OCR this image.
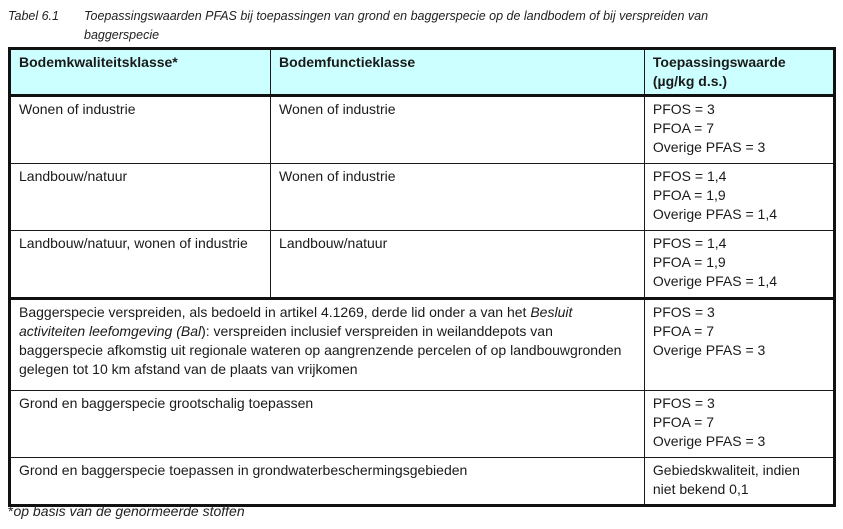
Tabel 6.1 Toepassingswaarden PFAS bij toepassingen van grond en baggerspecie op de landbodem of bij verspreiden van baggerspecie
Bodemkwaliteitsklasse*	Bodemfunctieklasse	Toepassingswaarde
(µg/kg d.s.)

Wonen of industrie	Wonen of industrie	PFOS = 3
PFOA = 7
Overige PFAS = 3

Landbouw/natuur	Wonen of industrie	PFOS = 1,4
PFOA = 1,9
Overige PFAS = 1,4

Landbouw/natuur, wonen of industrie	Landbouw/natuur	PFOS = 1,4
PFOA = 1,9
Overige PFAS = 1,4

Baggerspecie verspreiden, als bedoeld in artikel 4.1269, derde lid onder a van het Besluit activiteiten leefomgeving (Bal): verspreiden inclusief verspreiden in weilanddepots van baggerspecie afkomstig uit regionale wateren op aangrenzende percelen of op landbouwgronden gelegen tot 10 km afstand van de plaats van vrijkomen	
PFOS = 3
PFOA = 7
Overige PFAS = 3

Grond en baggerspecie grootschalig toepassen		PFOS = 3
PFOA = 7
Overige PFAS = 3

Grond en baggerspecie toepassen in grondwaterbeschermingsgebieden		Gebiedskwaliteit, indien niet bekend 0,1
*op basis van de genormeerde stoffen
